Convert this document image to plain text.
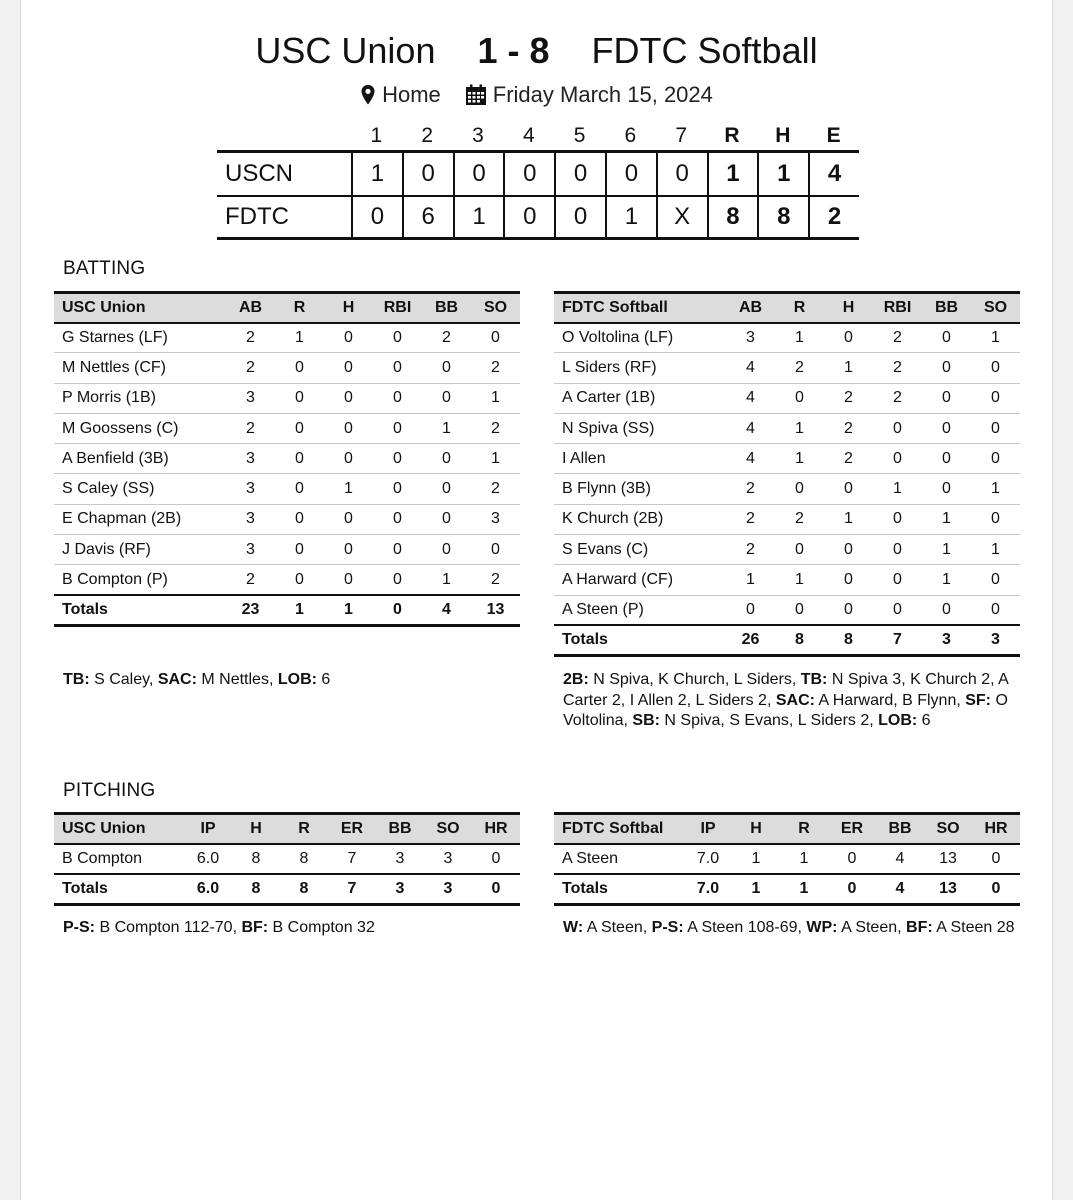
USC Union 1 - 8 FDTC Softball
Home Friday March 15, 2024
1	2	3	4	5	6	7	R	H	E
USCN	1	0	0	0	0	0	0	1	1	4
FDTC	0	6	1	0	0	1	X	8	8	2
BATTING
USC Union	AB	R	H	RBI	BB	SO
G Starnes (LF)	2	1	0	0	2	0
M Nettles (CF)	2	0	0	0	0	2
P Morris (1B)	3	0	0	0	0	1
M Goossens (C)	2	0	0	0	1	2
A Benfield (3B)	3	0	0	0	0	1
S Caley (SS)	3	0	1	0	0	2
E Chapman (2B)	3	0	0	0	0	3
J Davis (RF)	3	0	0	0	0	0
B Compton (P)	2	0	0	0	1	2
Totals	23	1	1	0	4	13
FDTC Softball	AB	R	H	RBI	BB	SO
O Voltolina (LF)	3	1	0	2	0	1
L Siders (RF)	4	2	1	2	0	0
A Carter (1B)	4	0	2	2	0	0
N Spiva (SS)	4	1	2	0	0	0
I Allen	4	1	2	0	0	0
B Flynn (3B)	2	0	0	1	0	1
K Church (2B)	2	2	1	0	1	0
S Evans (C)	2	0	0	0	1	1
A Harward (CF)	1	1	0	0	1	0
A Steen (P)	0	0	0	0	0	0
Totals	26	8	8	7	3	3
TB: S Caley, SAC: M Nettles, LOB: 6	2B: N Spiva, K Church, L Siders, TB: N Spiva 3, K Church 2, A Carter 2, I Allen 2, L Siders 2, SAC: A Harward, B Flynn, SF: O Voltolina, SB: N Spiva, S Evans, L Siders 2, LOB: 6
PITCHING
USC Union	IP	H	R	ER	BB	SO	HR
B Compton	6.0	8	8	7	3	3	0
Totals	6.0	8	8	7	3	3	0
FDTC Softbal	IP	H	R	ER	BB	SO	HR
A Steen	7.0	1	1	0	4	13	0
Totals	7.0	1	1	0	4	13	0
P-S: B Compton 112-70, BF: B Compton 32	W: A Steen, P-S: A Steen 108-69, WP: A Steen, BF: A Steen 28
